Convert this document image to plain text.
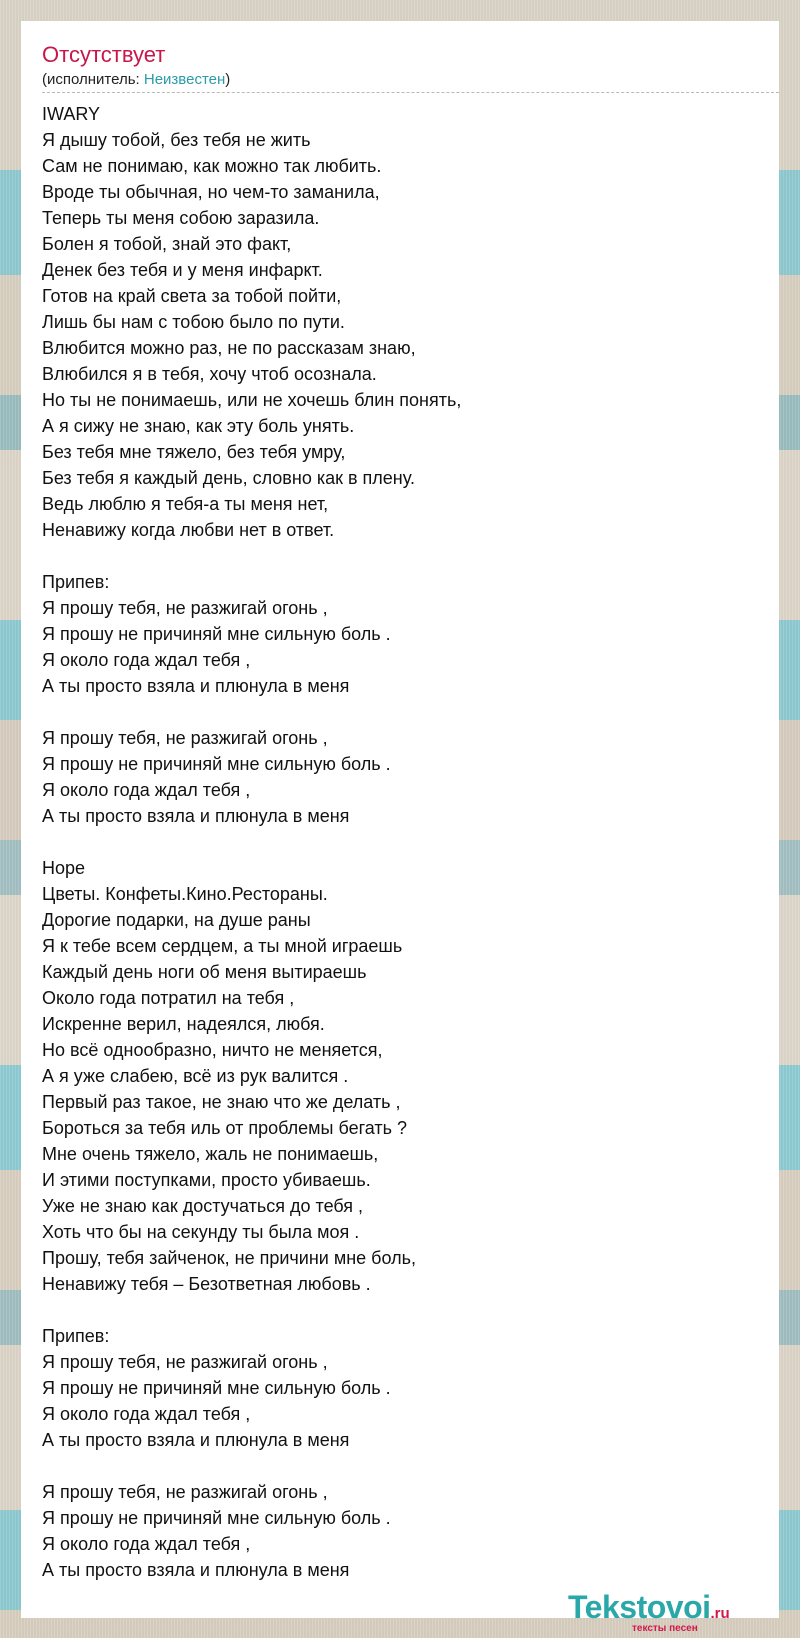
Отсутствует
(исполнитель: Неизвестен)
IWARY
Я дышу тобой, без тебя не жить
Сам не понимаю, как можно так любить.
Вроде ты обычная, но чем-то заманила,
Теперь ты меня собою заразила.
Болен я тобой, знай это факт,
Денек без тебя и у меня инфаркт.
Готов на край света за тобой пойти,
Лишь бы нам с тобою было по пути.
Влюбится можно раз, не по рассказам знаю,
Влюбился я в тебя, хочу чтоб осознала.
Но ты не понимаешь, или не хочешь блин понять,
А я сижу не знаю, как эту боль унять.
Без тебя мне тяжело, без тебя умру,
Без тебя я каждый день, словно как в плену.
Ведь люблю я тебя-а ты меня нет,
Ненавижу когда любви нет в ответ.
Припев:
Я прошу тебя, не разжигай огонь ,
Я прошу не причиняй мне сильную боль .
Я около года ждал тебя ,
А ты просто взяла и плюнула в меня
Я прошу тебя, не разжигай огонь ,
Я прошу не причиняй мне сильную боль .
Я около года ждал тебя ,
А ты просто взяла и плюнула в меня
Hope
Цветы. Конфеты.Кино.Рестораны.
Дорогие подарки, на душе раны
Я к тебе всем сердцем, а ты мной играешь
Каждый день ноги об меня вытираешь
Около года потратил на тебя ,
Искренне верил, надеялся, любя.
Но всё однообразно, ничто не меняется,
А я уже слабею, всё из рук валится .
Первый раз такое, не знаю что же делать ,
Бороться за тебя иль от проблемы бегать ?
Мне очень тяжело, жаль не понимаешь,
И этими поступками, просто убиваешь.
Уже не знаю как достучаться до тебя ,
Хоть что бы на секунду ты была моя .
Прошу, тебя зайченок, не причини мне боль,
Ненавижу тебя – Безответная любовь .
Припев:
Я прошу тебя, не разжигай огонь ,
Я прошу не причиняй мне сильную боль .
Я около года ждал тебя ,
А ты просто взяла и плюнула в меня
Я прошу тебя, не разжигай огонь ,
Я прошу не причиняй мне сильную боль .
Я около года ждал тебя ,
А ты просто взяла и плюнула в меня
Tekstovoi.ru
тексты песен
